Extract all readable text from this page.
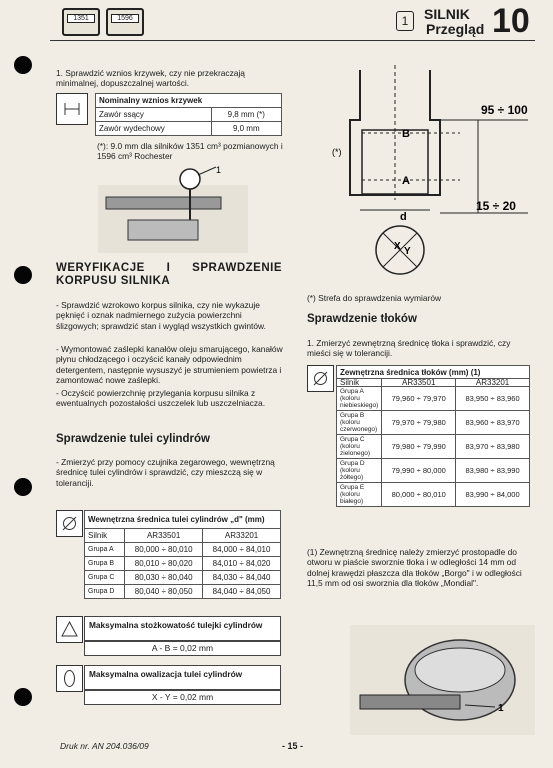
1351	1596	1	SILNIK
Przegląd 10
1. Sprawdzić wznios krzywek, czy nie przekraczają minimalnej, dopuszczalnej wartości.
Nominalny wznios krzywek	
Zawór ssący	9,8 mm (*)
Zawór wydechowy	9,0 mm
(*): 9.0 mm dla silników 1351 cm³ pozmianowych i 1596 cm³ Rochester
1
WERYFIKACJE I SPRAWDZENIE KORPUSU SILNIKA
- Sprawdzić wzrokowo korpus silnika, czy nie wykazuje pęknięć i oznak nadmiernego zużycia powierzchni ślizgowych; sprawdzić stan i wygląd wszystkich gwintów.
- Wymontować zaślepki kanałów oleju smarującego, kanałów płynu chłodzącego i oczyścić kanały odpowiednim detergentem, następnie wysuszyć je strumieniem powietrza i zamontować nowe zaślepki.
- Oczyścić powierzchnię przylegania korpusu silnika z ewentualnych pozostałości uszczelek lub uszczelniacza.
Sprawdzenie tulei cylindrów
- Zmierzyć przy pomocy czujnika zegarowego, wewnętrzną średnicę tulei cylindrów i sprawdzić, czy mieszczą się w toleranciji.
Wewnętrzna średnica tulei cylindrów „d" (mm)		
Silnik	AR33501	AR33201
Grupa A	80,000 ÷ 80,010	84,000 ÷ 84,010
Grupa B	80,010 ÷ 80,020	84,010 ÷ 84,020
Grupa C	80,030 ÷ 80,040	84,030 ÷ 84,040
Grupa D	80,040 ÷ 80,050	84,040 ÷ 84,050
Maksymalna stożkowatość tulejki cylindrów
A - B = 0,02 mm
Maksymalna owalizacja tulei cylindrów
X - Y = 0,02 mm
95 ÷ 100
15 ÷ 20
B
A
(*)
d
X Y
(*) Strefa do sprawdzenia wymiarów
Sprawdzenie tłoków
1. Zmierzyć zewnętrzną średnicę tłoka i sprawdzić, czy mieści się w toleranciji.
Zewnętrzna średnica tłoków (mm) (1)		
Silnik	AR33501	AR33201
Grupa A (koloru niebieskiego)	79,960 ÷ 79,970	83,950 ÷ 83,960
Grupa B (koloru czerwonego)	79,970 ÷ 79,980	83,960 ÷ 83,970
Grupa C (koloru zielonego)	79,980 ÷ 79,990	83,970 ÷ 83,980
Grupa D (koloru żółtego)	79,990 ÷ 80,000	83,980 ÷ 83,990
Grupa E (koloru białego)	80,000 ÷ 80,010	83,990 ÷ 84,000
(1) Zewnętrzną średnicę należy zmierzyć prostopadle do otworu w piaście sworznie tłoka i w odległości 14 mm od dolnej krawędzi płaszcza dla tłoków „Borgo" i w odległości 11,5 mm od osi sworznia dla tłoków „Mondial".
1
Druk nr. AN 204.036/09	- 15 -
